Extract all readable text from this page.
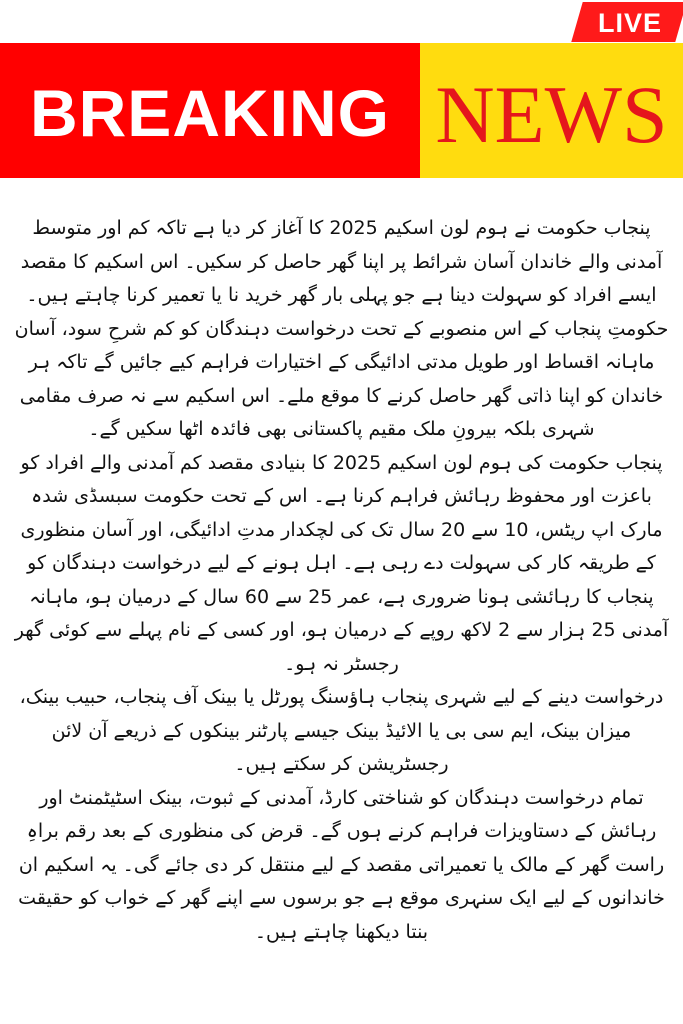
LIVE
BREAKING NEWS

پنجاب حکومت نے ہوم لون اسکیم 2025 کا آغاز کر دیا ہے تاکہ کم اور متوسط آمدنی والے خاندان آسان شرائط پر اپنا گھر حاصل کر سکیں۔ اس اسکیم کا مقصد ایسے افراد کو سہولت دینا ہے جو پہلی بار گھر خرید نا یا تعمیر کرنا چاہتے ہیں۔ حکومتِ پنجاب کے اس منصوبے کے تحت درخواست دہندگان کو کم شرحِ سود، آسان ماہانہ اقساط اور طویل مدتی ادائیگی کے اختیارات فراہم کیے جائیں گے تاکہ ہر خاندان کو اپنا ذاتی گھر حاصل کرنے کا موقع ملے۔ اس اسکیم سے نہ صرف مقامی شہری بلکہ بیرونِ ملک مقیم پاکستانی بھی فائدہ اٹھا سکیں گے۔

پنجاب حکومت کی ہوم لون اسکیم 2025 کا بنیادی مقصد کم آمدنی والے افراد کو باعزت اور محفوظ رہائش فراہم کرنا ہے۔ اس کے تحت حکومت سبسڈی شدہ مارک اپ ریٹس، 10 سے 20 سال تک کی لچکدار مدتِ ادائیگی، اور آسان منظوری کے طریقہ کار کی سہولت دے رہی ہے۔ اہل ہونے کے لیے درخواست دہندگان کو پنجاب کا رہائشی ہونا ضروری ہے، عمر 25 سے 60 سال کے درمیان ہو، ماہانہ آمدنی 25 ہزار سے 2 لاکھ روپے کے درمیان ہو، اور کسی کے نام پہلے سے کوئی گھر رجسٹر نہ ہو۔

درخواست دینے کے لیے شہری پنجاب ہاؤسنگ پورٹل یا بینک آف پنجاب، حبیب بینک، میزان بینک، ایم سی بی یا الائیڈ بینک جیسے پارٹنر بینکوں کے ذریعے آن لائن رجسٹریشن کر سکتے ہیں۔

تمام درخواست دہندگان کو شناختی کارڈ، آمدنی کے ثبوت، بینک اسٹیٹمنٹ اور رہائش کے دستاویزات فراہم کرنے ہوں گے۔ قرض کی منظوری کے بعد رقم براہِ راست گھر کے مالک یا تعمیراتی مقصد کے لیے منتقل کر دی جائے گی۔ یہ اسکیم ان خاندانوں کے لیے ایک سنہری موقع ہے جو برسوں سے اپنے گھر کے خواب کو حقیقت بنتا دیکھنا چاہتے ہیں۔
